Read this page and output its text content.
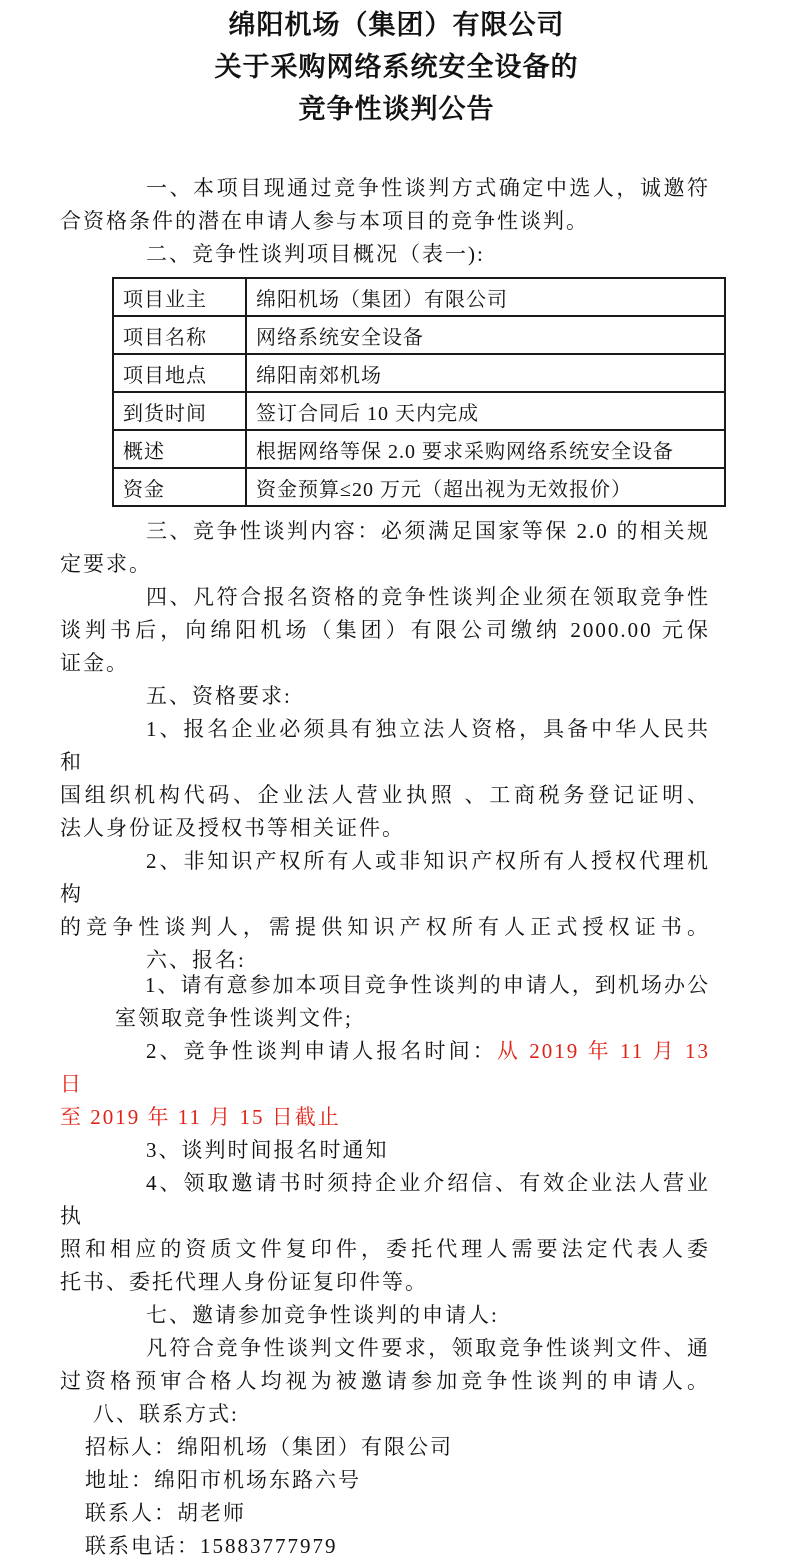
绵阳机场（集团）有限公司
关于采购网络系统安全设备的
竞争性谈判公告
一、本项目现通过竞争性谈判方式确定中选人，诚邀符
合资格条件的潜在申请人参与本项目的竞争性谈判。
二、竞争性谈判项目概况（表一):
项目业主	绵阳机场（集团）有限公司
项目名称	网络系统安全设备
项目地点	绵阳南郊机场
到货时间	签订合同后 10 天内完成
概述	根据网络等保 2.0 要求采购网络系统安全设备
资金	资金预算≤20 万元（超出视为无效报价）
三、竞争性谈判内容：必须满足国家等保 2.0 的相关规
定要求。
四、凡符合报名资格的竞争性谈判企业须在领取竞争性
谈判书后，向绵阳机场（集团）有限公司缴纳 2000.00 元保
证金。
五、资格要求:
1、报名企业必须具有独立法人资格，具备中华人民共和
国组织机构代码、企业法人营业执照 、工商税务登记证明、
法人身份证及授权书等相关证件。
2、非知识产权所有人或非知识产权所有人授权代理机构
的竞争性谈判人，需提供知识产权所有人正式授权证书。
六、报名:
1、请有意参加本项目竞争性谈判的申请人，到机场办公
室领取竞争性谈判文件;
2、竞争性谈判申请人报名时间：从 2019 年 11 月 13 日
至 2019 年 11 月 15 日截止
3、谈判时间报名时通知
4、领取邀请书时须持企业介绍信、有效企业法人营业执
照和相应的资质文件复印件，委托代理人需要法定代表人委
托书、委托代理人身份证复印件等。
七、邀请参加竞争性谈判的申请人:
凡符合竞争性谈判文件要求，领取竞争性谈判文件、通
过资格预审合格人均视为被邀请参加竞争性谈判的申请人。
八、联系方式:
招标人：绵阳机场（集团）有限公司
地址：绵阳市机场东路六号
联系人：胡老师
联系电话：15883777979
